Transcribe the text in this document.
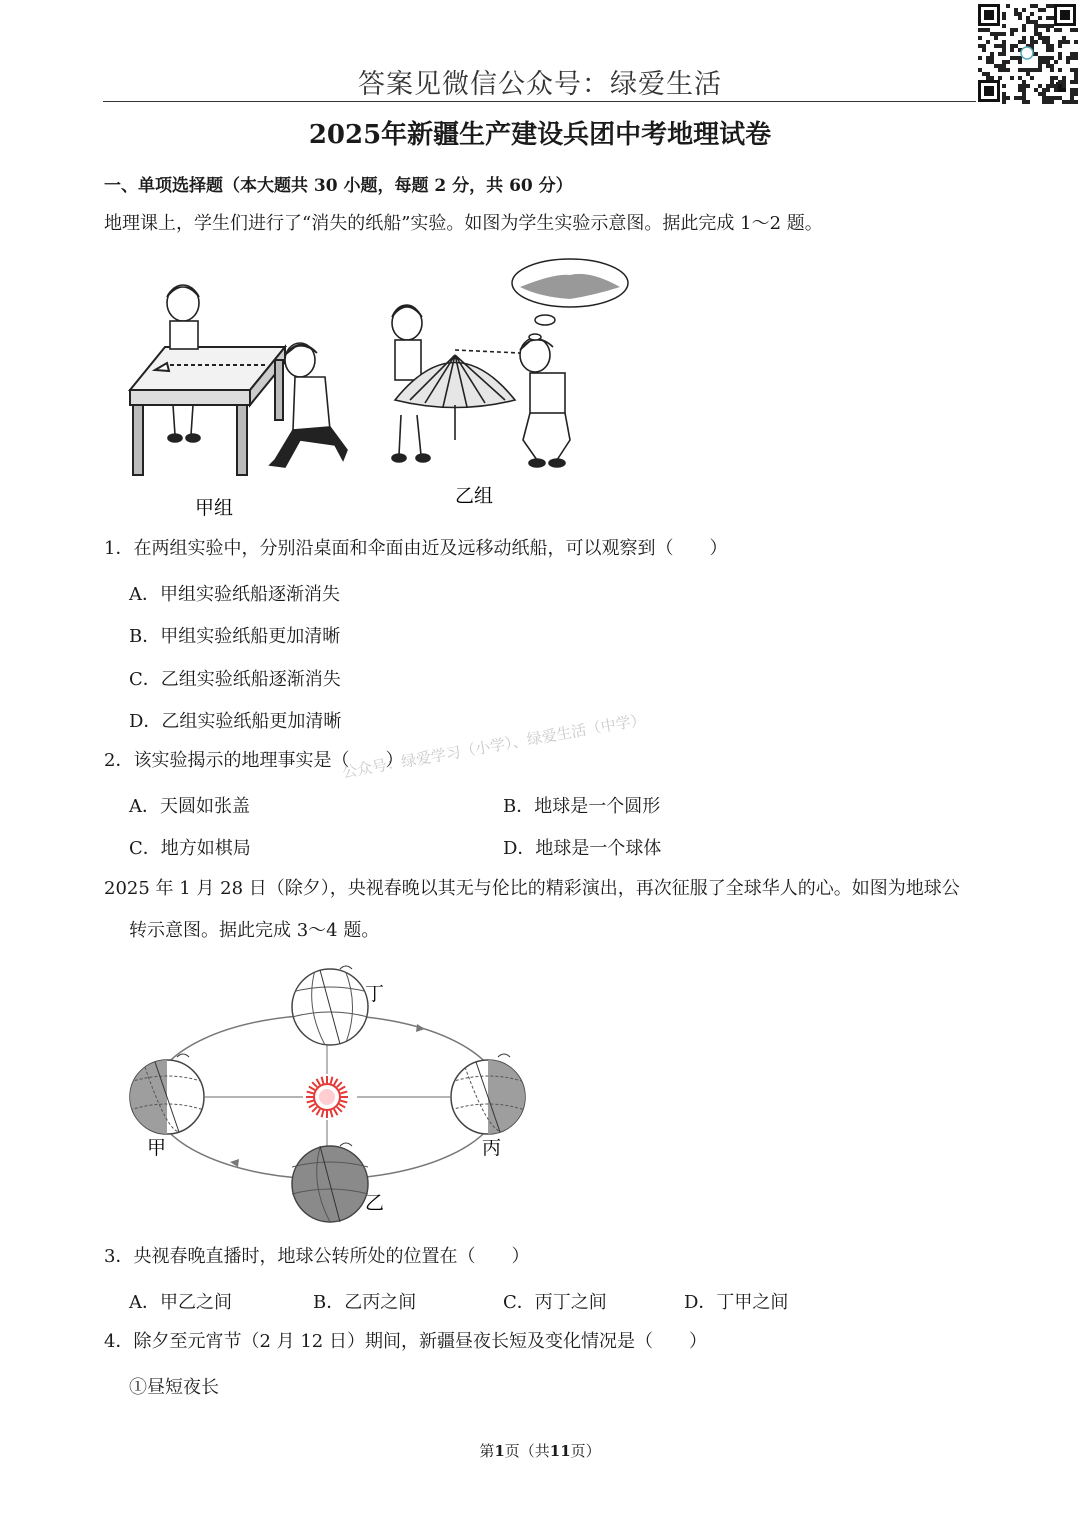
答案见微信公众号：绿爱生活
2025年新疆生产建设兵团中考地理试卷
一、单项选择题（本大题共 30 小题，每题 2 分，共 60 分）
地理课上，学生们进行了“消失的纸船”实验。如图为学生实验示意图。据此完成 1～2 题。
甲组
乙组
1．在两组实验中，分别沿桌面和伞面由近及远移动纸船，可以观察到（　　）
A．甲组实验纸船逐渐消失
B．甲组实验纸船更加清晰
C．乙组实验纸船逐渐消失
D．乙组实验纸船更加清晰 公众号：绿爱学习（小学）、绿爱生活（中学）
2．该实验揭示的地理事实是（　　）
A．天圆如张盖	B．地球是一个圆形
C．地方如棋局	D．地球是一个球体
2025 年 1 月 28 日（除夕），央视春晚以其无与伦比的精彩演出，再次征服了全球华人的心。如图为地球公
转示意图。据此完成 3～4 题。
丁
甲	丙
乙
3．央视春晚直播时，地球公转所处的位置在（　　）
A．甲乙之间	B．乙丙之间	C．丙丁之间	D．丁甲之间
4．除夕至元宵节（2 月 12 日）期间，新疆昼夜长短及变化情况是（　　）
①昼短夜长
第1页（共11页）
